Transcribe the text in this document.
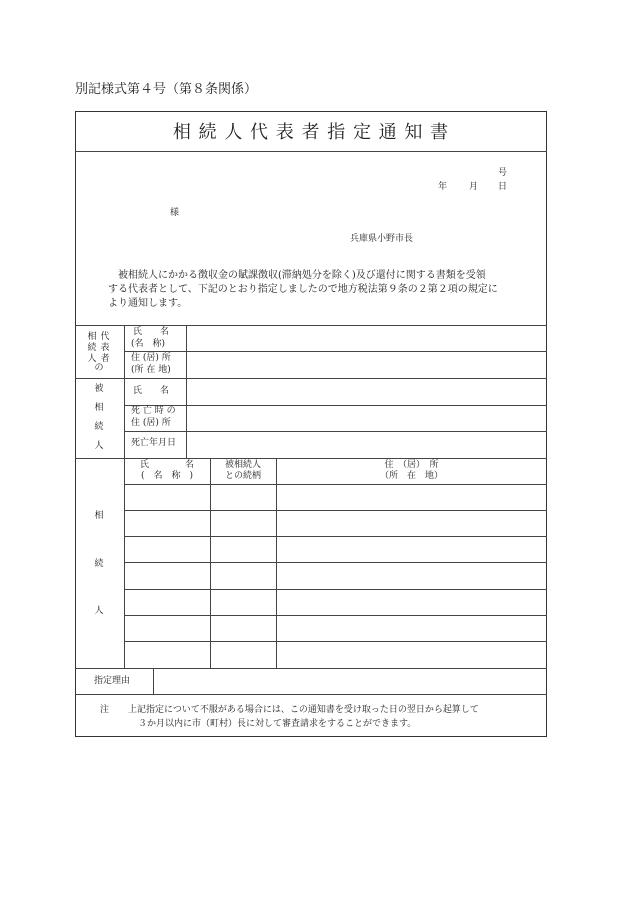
別記様式第４号（第８条関係）
相 続 人 代 表 者 指 定 通 知 書
号
年 月 日
様
兵庫県小野市長
　被相続人にかかる徴収金の賦課徴収(滞納処分を除く)及び還付に関する書類を受領
する代表者として、下記のとおり指定しましたので地方税法第９条の２第２項の規定に
より通知します。
相
続
人
代
表
者
の
氏　　名
(名　称)
住 (居) 所
(所 在 地)
被
相
続
人
氏　　名
死 亡 時 の
住 (居) 所
死亡年月日
相
続
人
氏　　　　名
(　名　称　)
被相続人
との続柄
住　（居）　所
（所　在　地）
指定理由
注 上記指定について不服がある場合には、この通知書を受け取った日の翌日から起算して
３か月以内に市（町村）長に対して審査請求をすることができます。
